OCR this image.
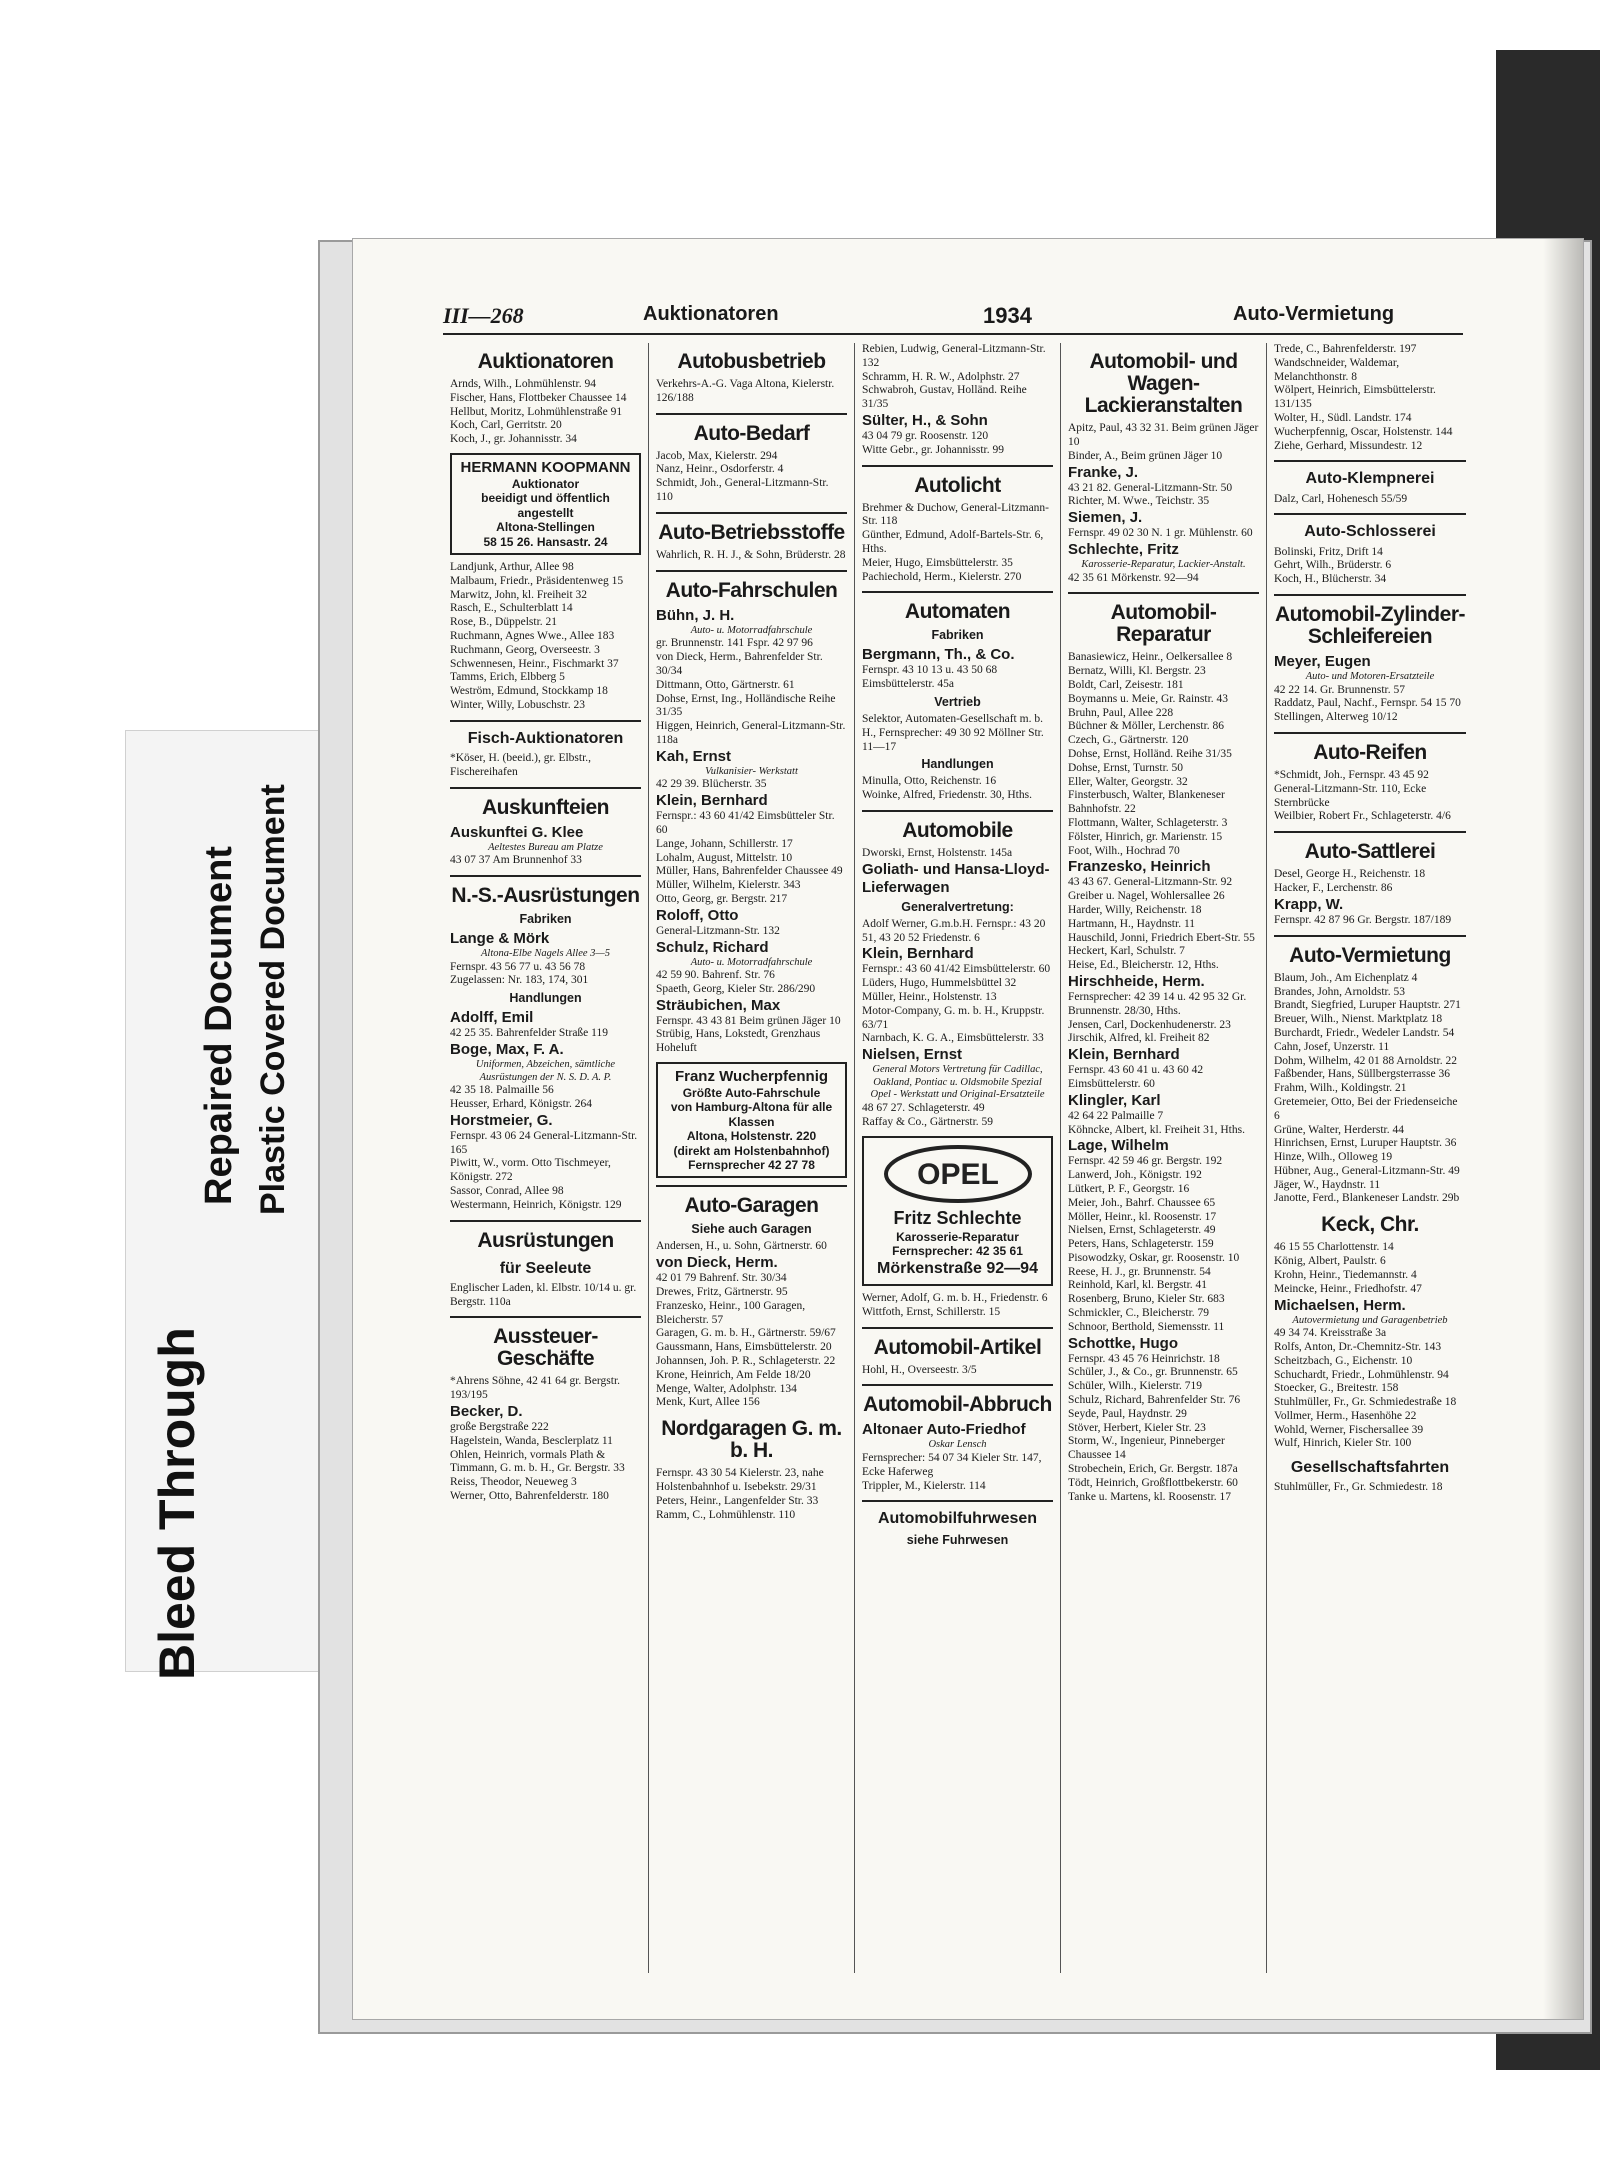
Bleed Through
Repaired Document Plastic Covered Document
III—268	Auktionatoren	1934	Auto-Vermietung
Auktionatoren
Arnds, Wilh., Lohmühlenstr. 94
Fischer, Hans, Flottbeker Chaussee 14
Hellbut, Moritz, Lohmühlenstraße 91
Koch, Carl, Gerritstr. 20
Koch, J., gr. Johannisstr. 34
HERMANN KOOPMANN
Auktionator
beeidigt und öffentlich angestellt
Altona-Stellingen
58 15 26. Hansastr. 24
Landjunk, Arthur, Allee 98
Malbaum, Friedr., Präsidentenweg 15
Marwitz, John, kl. Freiheit 32
Rasch, E., Schulterblatt 14
Rose, B., Düppelstr. 21
Ruchmann, Agnes Wwe., Allee 183
Ruchmann, Georg, Overseestr. 3
Schwennesen, Heinr., Fischmarkt 37
Tamms, Erich, Elbberg 5
Weström, Edmund, Stockkamp 18
Winter, Willy, Lobuschstr. 23
Fisch-Auktionatoren
*Köser, H. (beeid.), gr. Elbstr., Fischereihafen
Auskunfteien
Auskunftei G. Klee
Aeltestes Bureau am Platze
43 07 37 Am Brunnenhof 33
N.-S.-Ausrüstungen
Fabriken
Lange & Mörk
Altona-Elbe Nagels Allee 3—5
Fernspr. 43 56 77 u. 43 56 78
Zugelassen: Nr. 183, 174, 301
Handlungen
Adolff, Emil
42 25 35. Bahrenfelder Straße 119
Boge, Max, F. A.
Uniformen, Abzeichen, sämtliche Ausrüstungen der N. S. D. A. P.
42 35 18. Palmaille 56
Heusser, Erhard, Königstr. 264
Horstmeier, G.
Fernspr. 43 06 24 General-Litzmann-Str. 165
Piwitt, W., vorm. Otto Tischmeyer, Königstr. 272
Sassor, Conrad, Allee 98
Westermann, Heinrich, Königstr. 129
Ausrüstungen
für Seeleute
Englischer Laden, kl. Elbstr. 10/14 u. gr. Bergstr. 110a
Aussteuer-Geschäfte
*Ahrens Söhne, 42 41 64 gr. Bergstr. 193/195
Becker, D.
große Bergstraße 222
Hagelstein, Wanda, Besclerplatz 11
Ohlen, Heinrich, vormals Plath & Timmann, G. m. b. H., Gr. Bergstr. 33
Reiss, Theodor, Neueweg 3
Werner, Otto, Bahrenfelderstr. 180
Autobusbetrieb
Verkehrs-A.-G. Vaga Altona, Kielerstr. 126/188
Auto-Bedarf
Jacob, Max, Kielerstr. 294
Nanz, Heinr., Osdorferstr. 4
Schmidt, Joh., General-Litzmann-Str. 110
Auto-Betriebsstoffe
Wahrlich, R. H. J., & Sohn, Brüderstr. 28
Auto-Fahrschulen
Bühn, J. H.
Auto- u. Motorradfahrschule
gr. Brunnenstr. 141 Fspr. 42 97 96
von Dieck, Herm., Bahrenfelder Str. 30/34
Dittmann, Otto, Gärtnerstr. 61
Dohse, Ernst, Ing., Holländische Reihe 31/35
Higgen, Heinrich, General-Litzmann-Str. 118a
Kah, Ernst
Vulkanisier- Werkstatt
42 29 39. Blücherstr. 35
Klein, Bernhard
Fernspr.: 43 60 41/42 Eimsbütteler Str. 60
Lange, Johann, Schillerstr. 17
Lohalm, August, Mittelstr. 10
Müller, Hans, Bahrenfelder Chaussee 49
Müller, Wilhelm, Kielerstr. 343
Otto, Georg, gr. Bergstr. 217
Roloff, Otto
General-Litzmann-Str. 132
Schulz, Richard
Auto- u. Motorradfahrschule
42 59 90. Bahrenf. Str. 76
Spaeth, Georg, Kieler Str. 286/290
Sträubichen, Max
Fernspr. 43 43 81 Beim grünen Jäger 10
Strübig, Hans, Lokstedt, Grenzhaus Hoheluft
Franz Wucherpfennig
Größte Auto-Fahrschule
von Hamburg-Altona für alle Klassen
Altona, Holstenstr. 220
(direkt am Holstenbahnhof) Fernsprecher 42 27 78
Auto-Garagen
Siehe auch Garagen
Andersen, H., u. Sohn, Gärtnerstr. 60
von Dieck, Herm.
42 01 79 Bahrenf. Str. 30/34
Drewes, Fritz, Gärtnerstr. 95
Franzesko, Heinr., 100 Garagen, Bleicherstr. 57
Garagen, G. m. b. H., Gärtnerstr. 59/67
Gaussmann, Hans, Eimsbüttelerstr. 20
Johannsen, Joh. P. R., Schlageterstr. 22
Krone, Heinrich, Am Felde 18/20
Menge, Walter, Adolphstr. 134
Menk, Kurt, Allee 156
Nordgaragen G. m. b. H.
Fernspr. 43 30 54 Kielerstr. 23, nahe Holstenbahnhof u. Isebekstr. 29/31
Peters, Heinr., Langenfelder Str. 33
Ramm, C., Lohmühlenstr. 110
Rebien, Ludwig, General-Litzmann-Str. 132
Schramm, H. R. W., Adolphstr. 27
Schwabroh, Gustav, Holländ. Reihe 31/35
Sülter, H., & Sohn
43 04 79 gr. Roosenstr. 120
Witte Gebr., gr. Johannisstr. 99
Autolicht
Brehmer & Duchow, General-Litzmann-Str. 118
Günther, Edmund, Adolf-Bartels-Str. 6, Hths.
Meier, Hugo, Eimsbüttelerstr. 35
Pachiechold, Herm., Kielerstr. 270
Automaten
Fabriken
Bergmann, Th., & Co.
Fernspr. 43 10 13 u. 43 50 68 Eimsbüttelerstr. 45a
Vertrieb
Selektor, Automaten-Gesellschaft m. b. H., Fernsprecher: 49 30 92 Möllner Str. 11—17
Handlungen
Minulla, Otto, Reichenstr. 16
Woinke, Alfred, Friedenstr. 30, Hths.
Automobile
Dworski, Ernst, Holstenstr. 145a
Goliath- und Hansa-Lloyd-Lieferwagen
Generalvertretung:
Adolf Werner, G.m.b.H. Fernspr.: 43 20 51, 43 20 52 Friedenstr. 6
Klein, Bernhard
Fernspr.: 43 60 41/42 Eimsbüttelerstr. 60
Lüders, Hugo, Hummelsbüttel 32
Müller, Heinr., Holstenstr. 13
Motor-Company, G. m. b. H., Kruppstr. 63/71
Narnbach, K. G. A., Eimsbüttelerstr. 33
Nielsen, Ernst
General Motors Vertretung für Cadillac, Oakland, Pontiac u. Oldsmobile Spezial Opel - Werkstatt und Original-Ersatzteile
48 67 27. Schlageterstr. 49
Raffay & Co., Gärtnerstr. 59
OPEL
Fritz Schlechte
Karosserie-Reparatur
Fernsprecher: 42 35 61
Mörkenstraße 92—94
Werner, Adolf, G. m. b. H., Friedenstr. 6
Wittfoth, Ernst, Schillerstr. 15
Automobil-Artikel
Hohl, H., Overseestr. 3/5
Automobil-Abbruch
Altonaer Auto-Friedhof
Oskar Lensch
Fernsprecher: 54 07 34 Kieler Str. 147, Ecke Haferweg
Trippler, M., Kielerstr. 114
Automobilfuhrwesen
siehe Fuhrwesen
Automobil- und Wagen-Lackieranstalten
Apitz, Paul, 43 32 31. Beim grünen Jäger 10
Binder, A., Beim grünen Jäger 10
Franke, J.
43 21 82. General-Litzmann-Str. 50
Richter, M. Wwe., Teichstr. 35
Siemen, J.
Fernspr. 49 02 30 N. 1 gr. Mühlenstr. 60
Schlechte, Fritz
Karosserie-Reparatur, Lackier-Anstalt.
42 35 61 Mörkenstr. 92—94
Automobil-Reparatur
Banasiewicz, Heinr., Oelkersallee 8
Bernatz, Willi, Kl. Bergstr. 23
Boldt, Carl, Zeisestr. 181
Boymanns u. Meie, Gr. Rainstr. 43
Bruhn, Paul, Allee 228
Büchner & Möller, Lerchenstr. 86
Czech, G., Gärtnerstr. 120
Dohse, Ernst, Holländ. Reihe 31/35
Dohse, Ernst, Turnstr. 50
Eller, Walter, Georgstr. 32
Finsterbusch, Walter, Blankeneser Bahnhofstr. 22
Flottmann, Walter, Schlageterstr. 3
Fölster, Hinrich, gr. Marienstr. 15
Foot, Wilh., Hochrad 70
Franzesko, Heinrich
43 43 67. General-Litzmann-Str. 92
Greiber u. Nagel, Wohlersallee 26
Harder, Willy, Reichenstr. 18
Hartmann, H., Haydnstr. 11
Hauschild, Jonni, Friedrich Ebert-Str. 55
Heckert, Karl, Schulstr. 7
Heise, Ed., Bleicherstr. 12, Hths.
Hirschheide, Herm.
Fernsprecher: 42 39 14 u. 42 95 32 Gr. Brunnenstr. 28/30, Hths.
Jensen, Carl, Dockenhudenerstr. 23
Jirschik, Alfred, kl. Freiheit 82
Klein, Bernhard
Fernspr. 43 60 41 u. 43 60 42 Eimsbüttelerstr. 60
Klingler, Karl
42 64 22 Palmaille 7
Köhncke, Albert, kl. Freiheit 31, Hths.
Lage, Wilhelm
Fernspr. 42 59 46 gr. Bergstr. 192
Lanwerd, Joh., Königstr. 192
Lütkert, P. F., Georgstr. 16
Meier, Joh., Bahrf. Chaussee 65
Möller, Heinr., kl. Roosenstr. 17
Nielsen, Ernst, Schlageterstr. 49
Peters, Hans, Schlageterstr. 159
Pisowodzky, Oskar, gr. Roosenstr. 10
Reese, H. J., gr. Brunnenstr. 54
Reinhold, Karl, kl. Bergstr. 41
Rosenberg, Bruno, Kieler Str. 683
Schmickler, C., Bleicherstr. 79
Schnoor, Berthold, Siemensstr. 11
Schottke, Hugo
Fernspr. 43 45 76 Heinrichstr. 18
Schüler, J., & Co., gr. Brunnenstr. 65
Schüler, Wilh., Kielerstr. 719
Schulz, Richard, Bahrenfelder Str. 76
Seyde, Paul, Haydnstr. 29
Stöver, Herbert, Kieler Str. 23
Storm, W., Ingenieur, Pinneberger Chaussee 14
Strobechein, Erich, Gr. Bergstr. 187a
Tödt, Heinrich, Großflottbekerstr. 60
Tanke u. Martens, kl. Roosenstr. 17
Trede, C., Bahrenfelderstr. 197
Wandschneider, Waldemar, Melanchthonstr. 8
Wölpert, Heinrich, Eimsbüttelerstr. 131/135
Wolter, H., Südl. Landstr. 174
Wucherpfennig, Oscar, Holstenstr. 144
Ziehe, Gerhard, Missundestr. 12
Auto-Klempnerei
Dalz, Carl, Hohenesch 55/59
Auto-Schlosserei
Bolinski, Fritz, Drift 14
Gehrt, Wilh., Brüderstr. 6
Koch, H., Blücherstr. 34
Automobil-Zylinder-Schleifereien
Meyer, Eugen
Auto- und Motoren-Ersatzteile
42 22 14. Gr. Brunnenstr. 57
Raddatz, Paul, Nachf., Fernspr. 54 15 70 Stellingen, Alterweg 10/12
Auto-Reifen
*Schmidt, Joh., Fernspr. 43 45 92 General-Litzmann-Str. 110, Ecke Sternbrücke
Weilbier, Robert Fr., Schlageterstr. 4/6
Auto-Sattlerei
Desel, George H., Reichenstr. 18
Hacker, F., Lerchenstr. 86
Krapp, W.
Fernspr. 42 87 96 Gr. Bergstr. 187/189
Auto-Vermietung
Blaum, Joh., Am Eichenplatz 4
Brandes, John, Arnoldstr. 53
Brandt, Siegfried, Luruper Hauptstr. 271
Breuer, Wilh., Nienst. Marktplatz 18
Burchardt, Friedr., Wedeler Landstr. 54
Cahn, Josef, Unzerstr. 11
Dohm, Wilhelm, 42 01 88 Arnoldstr. 22
Faßbender, Hans, Süllbergsterrasse 36
Frahm, Wilh., Koldingstr. 21
Gretemeier, Otto, Bei der Friedenseiche 6
Grüne, Walter, Herderstr. 44
Hinrichsen, Ernst, Luruper Hauptstr. 36
Hinze, Wilh., Olloweg 19
Hübner, Aug., General-Litzmann-Str. 49
Jäger, W., Haydnstr. 11
Janotte, Ferd., Blankeneser Landstr. 29b
Keck, Chr.
46 15 55 Charlottenstr. 14
König, Albert, Paulstr. 6
Krohn, Heinr., Tiedemannstr. 4
Meincke, Heinr., Friedhofstr. 47
Michaelsen, Herm.
Autovermietung und Garagenbetrieb
49 34 74. Kreisstraße 3a
Rolfs, Anton, Dr.-Chemnitz-Str. 143
Scheitzbach, G., Eichenstr. 10
Schuchardt, Friedr., Lohmühlenstr. 94
Stoecker, G., Breitestr. 158
Stuhlmüller, Fr., Gr. Schmiedestraße 18
Vollmer, Herm., Hasenhöhe 22
Wohld, Werner, Fischersallee 39
Wulf, Hinrich, Kieler Str. 100
Gesellschaftsfahrten
Stuhlmüller, Fr., Gr. Schmiedestr. 18
